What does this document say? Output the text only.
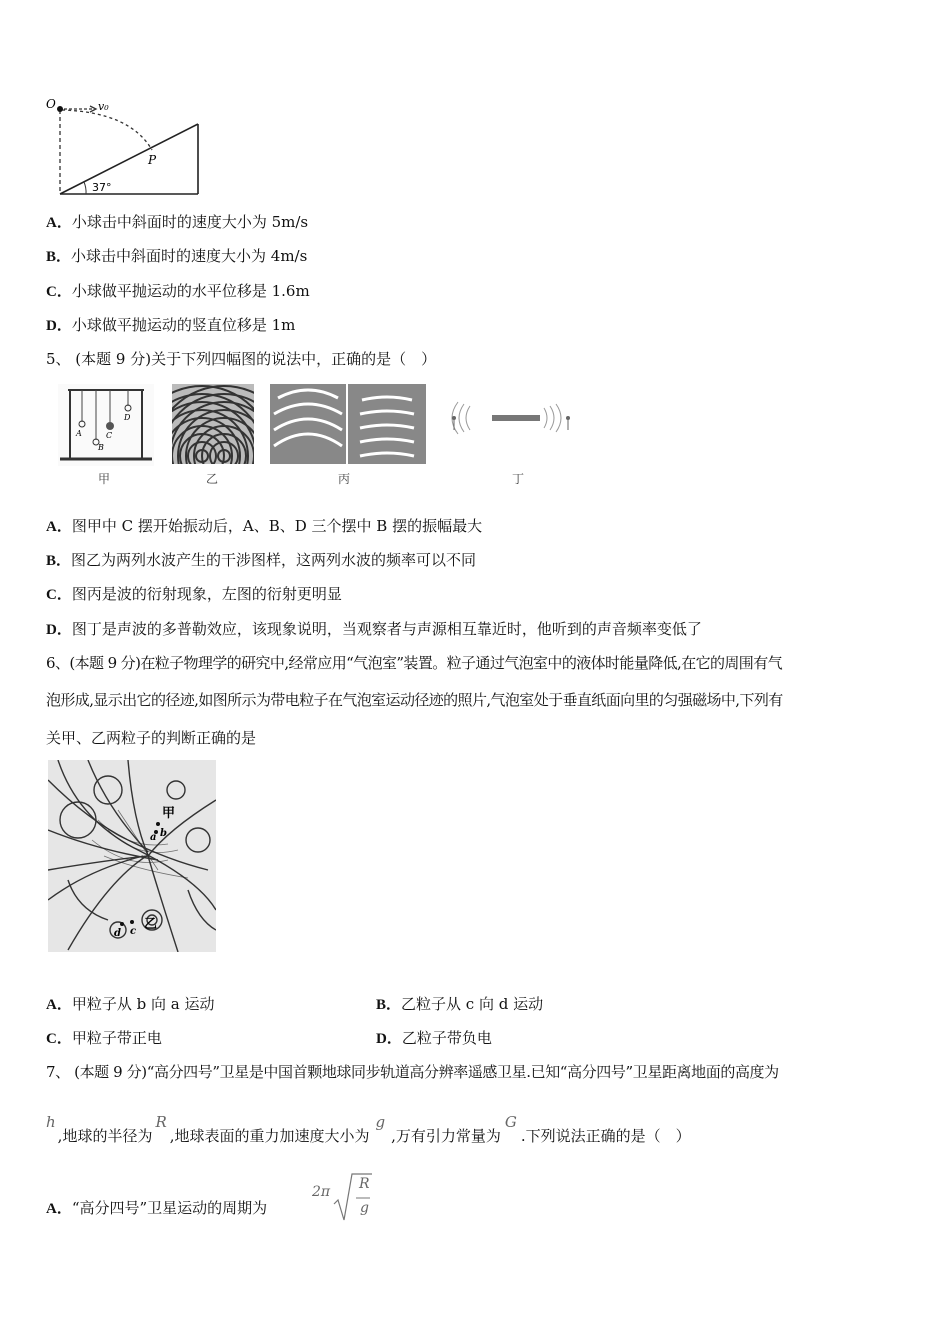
O	v₀
P
37°
A．小球击中斜面时的速度大小为 5m/s
B．小球击中斜面时的速度大小为 4m/s
C．小球做平抛运动的水平位移是 1.6m
D．小球做平抛运动的竖直位移是 1m
5、 (本题 9 分)关于下列四幅图的说法中，正确的是（　）
A
B
C
D
甲	乙	丙	丁
A．图甲中 C 摆开始振动后，A、B、D 三个摆中 B 摆的振幅最大
B．图乙为两列水波产生的干涉图样，这两列水波的频率可以不同
C．图丙是波的衍射现象，左图的衍射更明显
D．图丁是声波的多普勒效应，该现象说明，当观察者与声源相互靠近时，他听到的声音频率变低了
6、(本题 9 分)在粒子物理学的研究中,经常应用“气泡室”装置。粒子通过气泡室中的液体时能量降低,在它的周围有气
泡形成,显示出它的径迹,如图所示为带电粒子在气泡室运动径迹的照片,气泡室处于垂直纸面向里的匀强磁场中,下列有
关甲、乙两粒子的判断正确的是
甲
b
a
乙
d c
A．甲粒子从 b 向 a 运动	B．乙粒子从 c 向 d 运动
C．甲粒子带正电	D．乙粒子带负电
7、 (本题 9 分)“高分四号”卫星是中国首颗地球同步轨道高分辨率遥感卫星.已知“高分四号”卫星距离地面的高度为
h,地球的半径为R,地球表面的重力加速度大小为g,万有引力常量为G.下列说法正确的是（　）
A．“高分四号”卫星运动的周期为
2π R
g
